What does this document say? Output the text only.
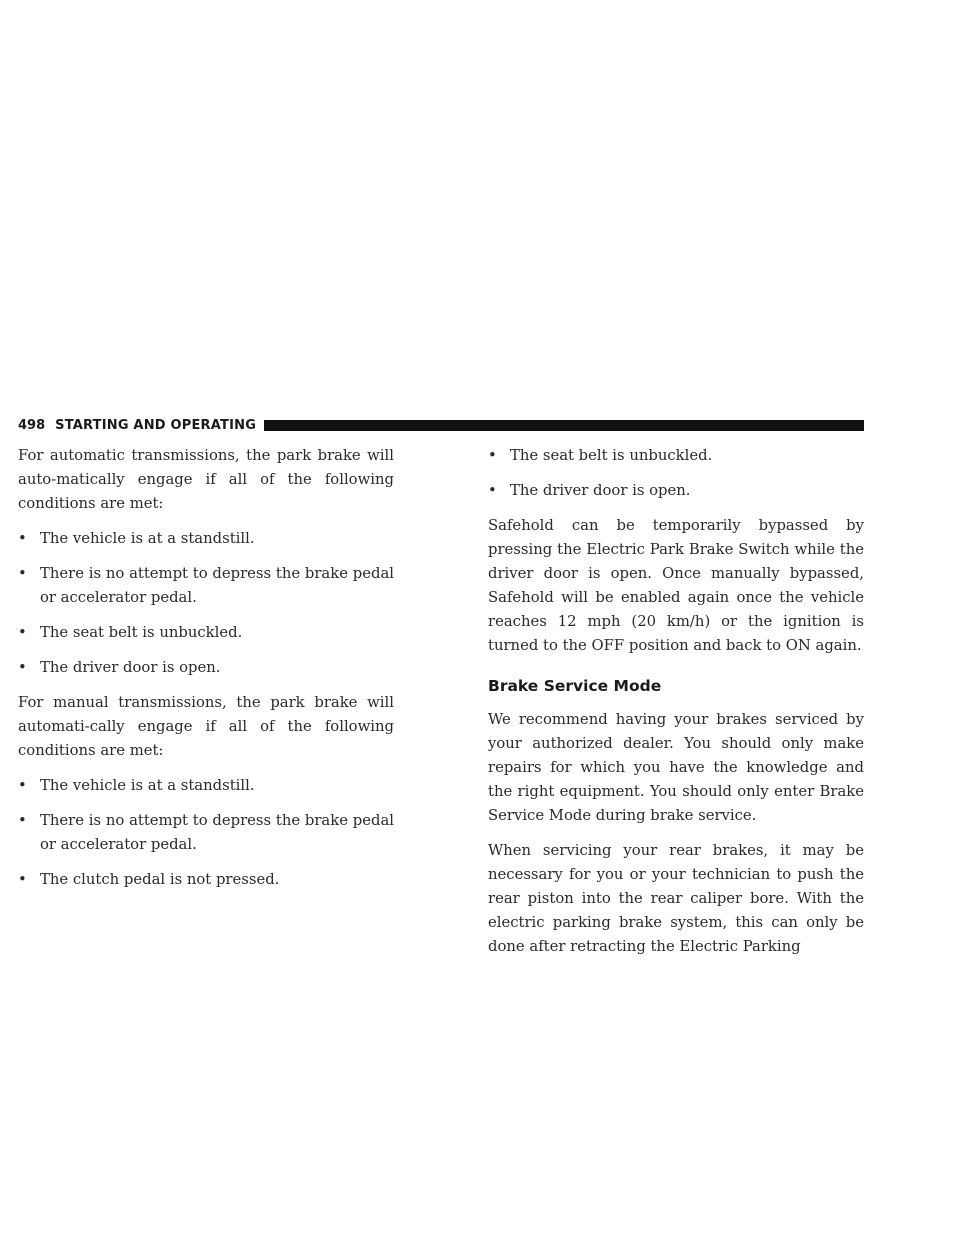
498 STARTING AND OPERATING

For automatic transmissions, the park brake will auto-matically engage if all of the following conditions are met:

• The vehicle is at a standstill.
• There is no attempt to depress the brake pedal or accelerator pedal.
• The seat belt is unbuckled.
• The driver door is open.

For manual transmissions, the park brake will automati-cally engage if all of the following conditions are met:

• The vehicle is at a standstill.
• There is no attempt to depress the brake pedal or accelerator pedal.
• The clutch pedal is not pressed.
• The seat belt is unbuckled.
• The driver door is open.

Safehold can be temporarily bypassed by pressing the Electric Park Brake Switch while the driver door is open. Once manually bypassed, Safehold will be enabled again once the vehicle reaches 12 mph (20 km/h) or the ignition is turned to the OFF position and back to ON again.

Brake Service Mode

We recommend having your brakes serviced by your authorized dealer. You should only make repairs for which you have the knowledge and the right equipment. You should only enter Brake Service Mode during brake service.

When servicing your rear brakes, it may be necessary for you or your technician to push the rear piston into the rear caliper bore. With the electric parking brake system, this can only be done after retracting the Electric Parking
